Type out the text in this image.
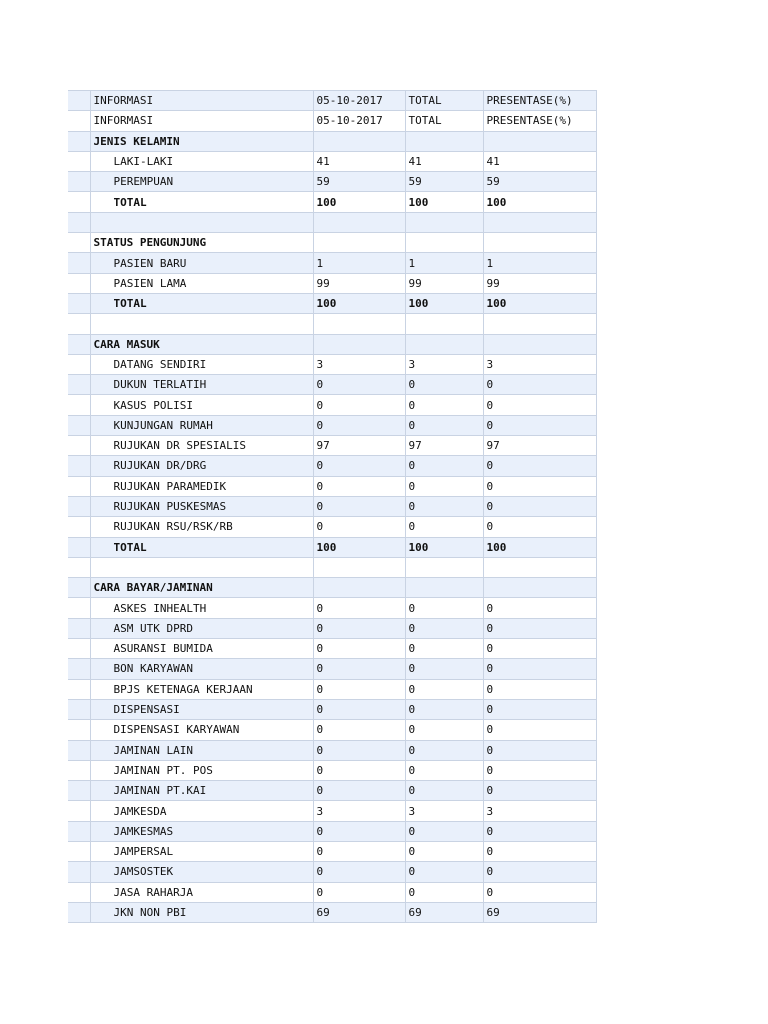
	INFORMASI	05-10-2017	TOTAL	PRESENTASE(%)
	INFORMASI	05-10-2017	TOTAL	PRESENTASE(%)
	JENIS KELAMIN			
	LAKI-LAKI	41	41	41
	PEREMPUAN	59	59	59
	TOTAL	100	100	100

	STATUS PENGUNJUNG			
	PASIEN BARU	1	1	1
	PASIEN LAMA	99	99	99
	TOTAL	100	100	100

	CARA MASUK			
	DATANG SENDIRI	3	3	3
	DUKUN TERLATIH	0	0	0
	KASUS POLISI	0	0	0
	KUNJUNGAN RUMAH	0	0	0
	RUJUKAN DR SPESIALIS	97	97	97
	RUJUKAN DR/DRG	0	0	0
	RUJUKAN PARAMEDIK	0	0	0
	RUJUKAN PUSKESMAS	0	0	0
	RUJUKAN RSU/RSK/RB	0	0	0
	TOTAL	100	100	100

	CARA BAYAR/JAMINAN			
	ASKES INHEALTH	0	0	0
	ASM UTK DPRD	0	0	0
	ASURANSI BUMIDA	0	0	0
	BON KARYAWAN	0	0	0
	BPJS KETENAGA KERJAAN	0	0	0
	DISPENSASI	0	0	0
	DISPENSASI KARYAWAN	0	0	0
	JAMINAN LAIN	0	0	0
	JAMINAN PT. POS	0	0	0
	JAMINAN PT.KAI	0	0	0
	JAMKESDA	3	3	3
	JAMKESMAS	0	0	0
	JAMPERSAL	0	0	0
	JAMSOSTEK	0	0	0
	JASA RAHARJA	0	0	0
	JKN NON PBI	69	69	69
